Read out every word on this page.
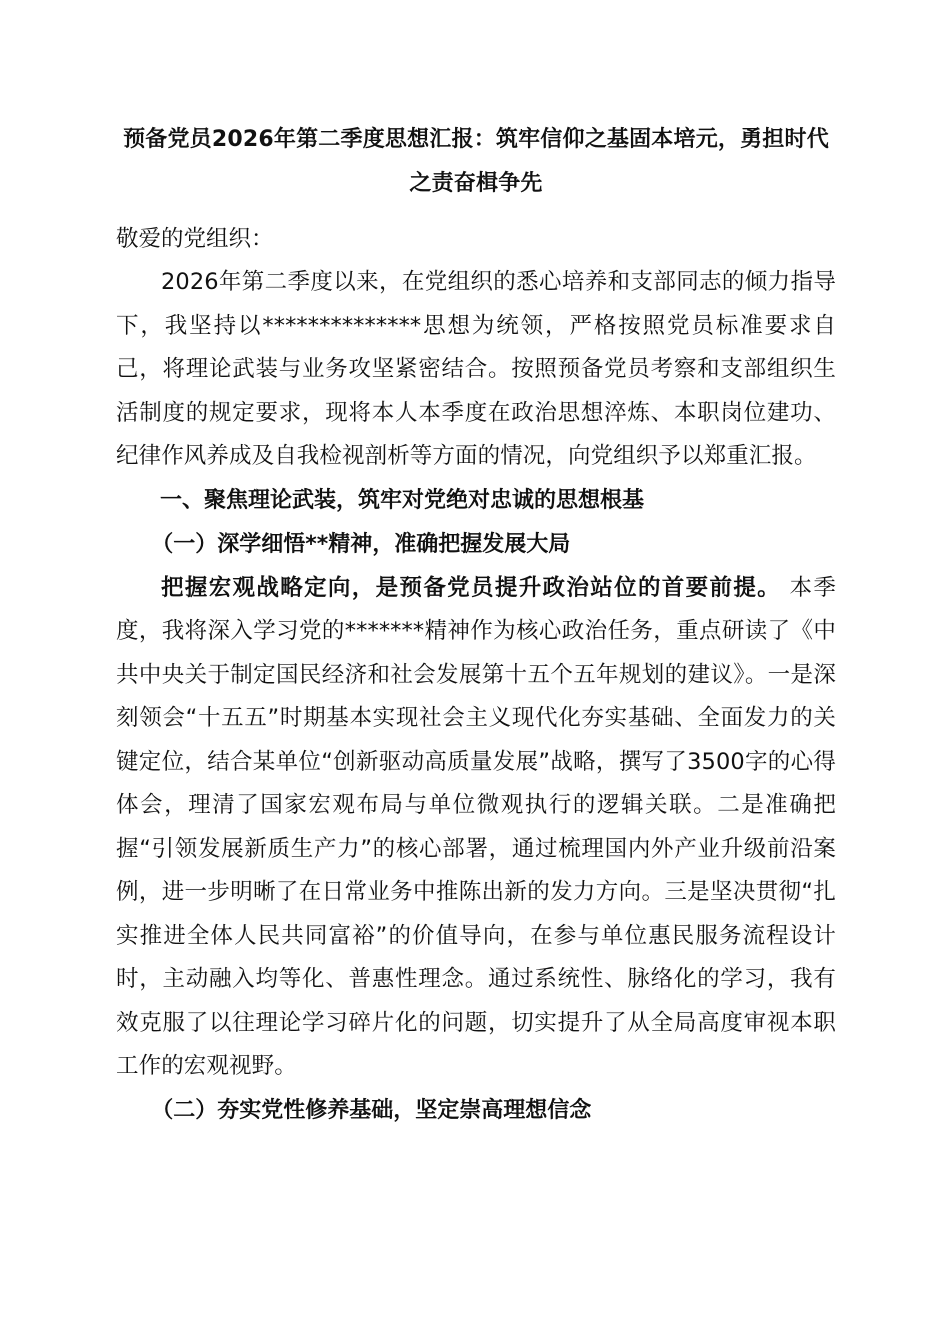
预备党员2026年第二季度思想汇报：筑牢信仰之基固本培元，勇担时代之责奋楫争先

敬爱的党组织：

2026年第二季度以来，在党组织的悉心培养和支部同志的倾力指导下，我坚持以**************思想为统领，严格按照党员标准要求自己，将理论武装与业务攻坚紧密结合。按照预备党员考察和支部组织生活制度的规定要求，现将本人本季度在政治思想淬炼、本职岗位建功、纪律作风养成及自我检视剖析等方面的情况，向党组织予以郑重汇报。

一、聚焦理论武装，筑牢对党绝对忠诚的思想根基

（一）深学细悟**精神，准确把握发展大局

把握宏观战略定向，是预备党员提升政治站位的首要前提。 本季度，我将深入学习党的*******精神作为核心政治任务，重点研读了《中共中央关于制定国民经济和社会发展第十五个五年规划的建议》。一是深刻领会“十五五”时期基本实现社会主义现代化夯实基础、全面发力的关键定位，结合某单位“创新驱动高质量发展”战略，撰写了3500字的心得体会，理清了国家宏观布局与单位微观执行的逻辑关联。二是准确把握“引领发展新质生产力”的核心部署，通过梳理国内外产业升级前沿案例，进一步明晰了在日常业务中推陈出新的发力方向。三是坚决贯彻“扎实推进全体人民共同富裕”的价值导向，在参与单位惠民服务流程设计时，主动融入均等化、普惠性理念。通过系统性、脉络化的学习，我有效克服了以往理论学习碎片化的问题，切实提升了从全局高度审视本职工作的宏观视野。

（二）夯实党性修养基础，坚定崇高理想信念
